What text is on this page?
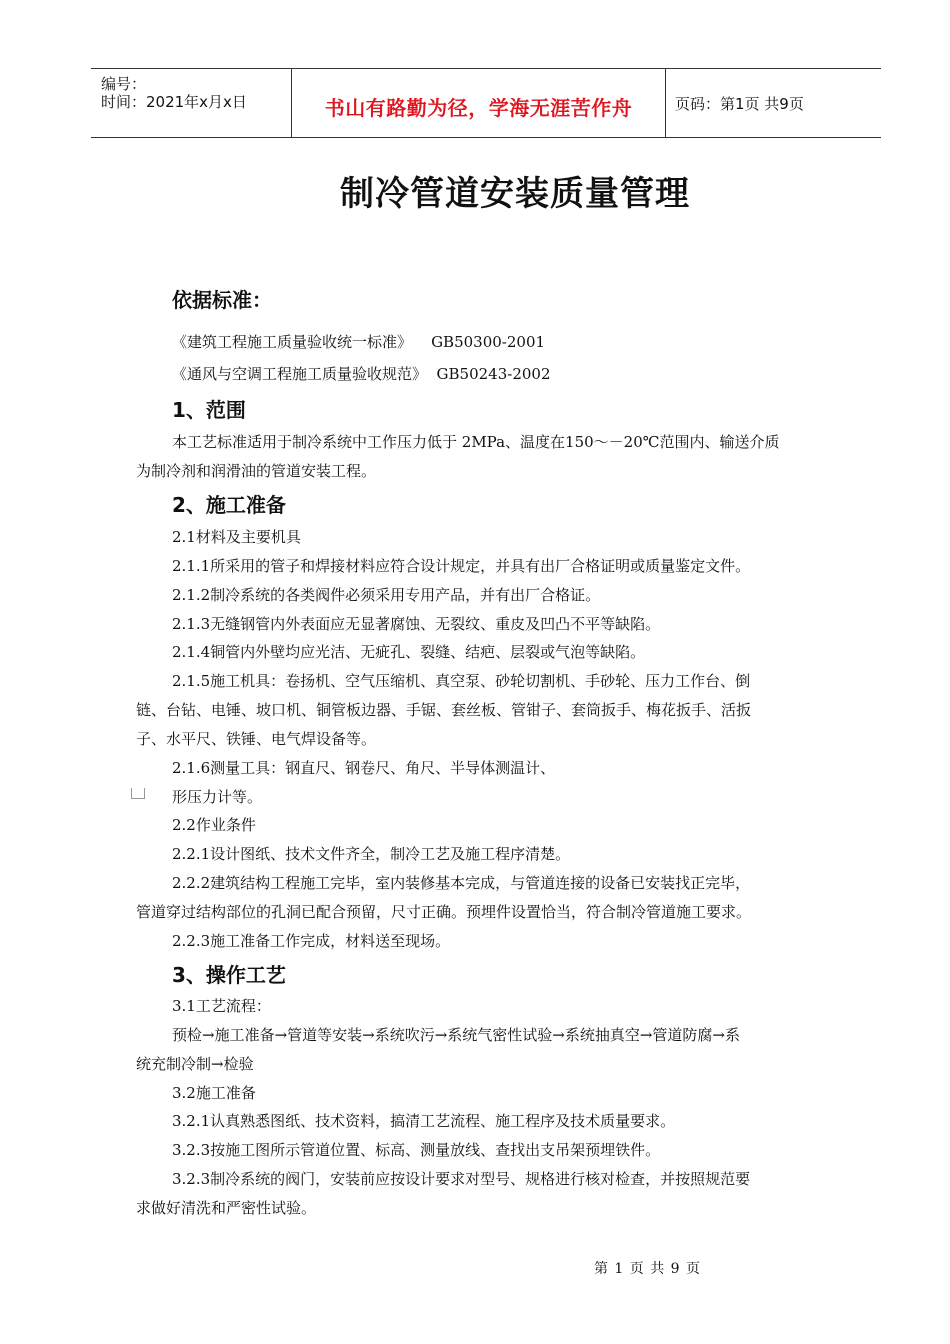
编号：
时间：2021年x月x日	书山有路勤为径，学海无涯苦作舟	页码：第1页 共9页
制冷管道安装质量管理
依据标准：
《建筑工程施工质量验收统一标准》    GB50300-2001
《通风与空调工程施工质量验收规范》  GB50243-2002
1、范围
本工艺标准适用于制冷系统中工作压力低于 2MPa、温度在150～－20℃范围内、输送介质
为制冷剂和润滑油的管道安装工程。
2、施工准备
2.1材料及主要机具
2.1.1所采用的管子和焊接材料应符合设计规定，并具有出厂合格证明或质量鉴定文件。
2.1.2制冷系统的各类阀件必须采用专用产品，并有出厂合格证。
2.1.3无缝钢管内外表面应无显著腐蚀、无裂纹、重皮及凹凸不平等缺陷。
2.1.4铜管内外壁均应光洁、无疵孔、裂缝、结疤、层裂或气泡等缺陷。
2.1.5施工机具：卷扬机、空气压缩机、真空泵、砂轮切割机、手砂轮、压力工作台、倒
链、台钻、电锤、坡口机、铜管板边器、手锯、套丝板、管钳子、套筒扳手、梅花扳手、活扳
子、水平尺、铁锤、电气焊设备等。
2.1.6测量工具：钢直尺、钢卷尺、角尺、半导体测温计、
形压力计等。
2.2作业条件
2.2.1设计图纸、技术文件齐全，制冷工艺及施工程序清楚。
2.2.2建筑结构工程施工完毕，室内装修基本完成，与管道连接的设备已安装找正完毕，
管道穿过结构部位的孔洞已配合预留，尺寸正确。预埋件设置恰当，符合制冷管道施工要求。
2.2.3施工准备工作完成，材料送至现场。
3、操作工艺
3.1工艺流程：
预检→施工准备→管道等安装→系统吹污→系统气密性试验→系统抽真空→管道防腐→系
统充制冷制→检验
3.2施工准备
3.2.1认真熟悉图纸、技术资料，搞清工艺流程、施工程序及技术质量要求。
3.2.3按施工图所示管道位置、标高、测量放线、查找出支吊架预埋铁件。
3.2.3制冷系统的阀门，安装前应按设计要求对型号、规格进行核对检查，并按照规范要
求做好清洗和严密性试验。
第 1 页 共 9 页
